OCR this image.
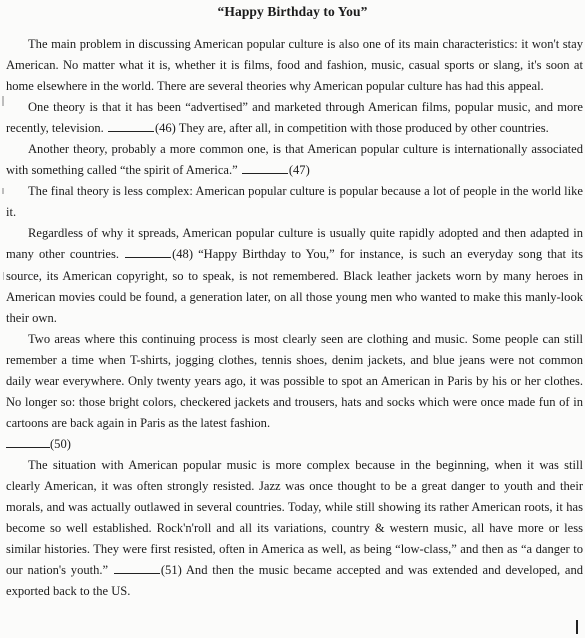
“Happy Birthday to You”

The main problem in discussing American popular culture is also one of its main characteristics: it won't stay American. No matter what it is, whether it is films, food and fashion, music, casual sports or slang, it's soon at home elsewhere in the world. There are several theories why American popular culture has had this appeal.

One theory is that it has been “advertised” and marketed through American films, popular music, and more recently, television.	(46) They are, after all, in competition with those produced by other countries.

Another theory, probably a more common one, is that American popular culture is internationally associated with something called “the spirit of America.”	(47)

The final theory is less complex: American popular culture is popular because a lot of people in the world like it.

Regardless of why it spreads, American popular culture is usually quite rapidly adopted and then adapted in many other countries.	(48) “Happy Birthday to You,” for instance, is such an everyday song that its source, its American copyright, so to speak, is not remembered. Black leather jackets worn by many heroes in American movies could be found, a generation later, on all those young men who wanted to make this manly-look their own.

Two areas where this continuing process is most clearly seen are clothing and music. Some people can still remember a time when T-shirts, jogging clothes, tennis shoes, denim jackets, and blue jeans were not common daily wear everywhere. Only twenty years ago, it was possible to spot an American in Paris by his or her clothes. No longer so: those bright colors, checkered jackets and trousers, hats and socks which were once made fun of in cartoons are back again in Paris as the latest fashion.

(50)

The situation with American popular music is more complex because in the beginning, when it was still clearly American, it was often strongly resisted. Jazz was once thought to be a great danger to youth and their morals, and was actually outlawed in several countries. Today, while still showing its rather American roots, it has become so well established. Rock'n'roll and all its variations, country & western music, all have more or less similar histories. They were first resisted, often in America as well, as being “low-class,” and then as “a danger to our nation's youth.”	(51) And then the music became accepted and was extended and developed, and exported back to the US.
